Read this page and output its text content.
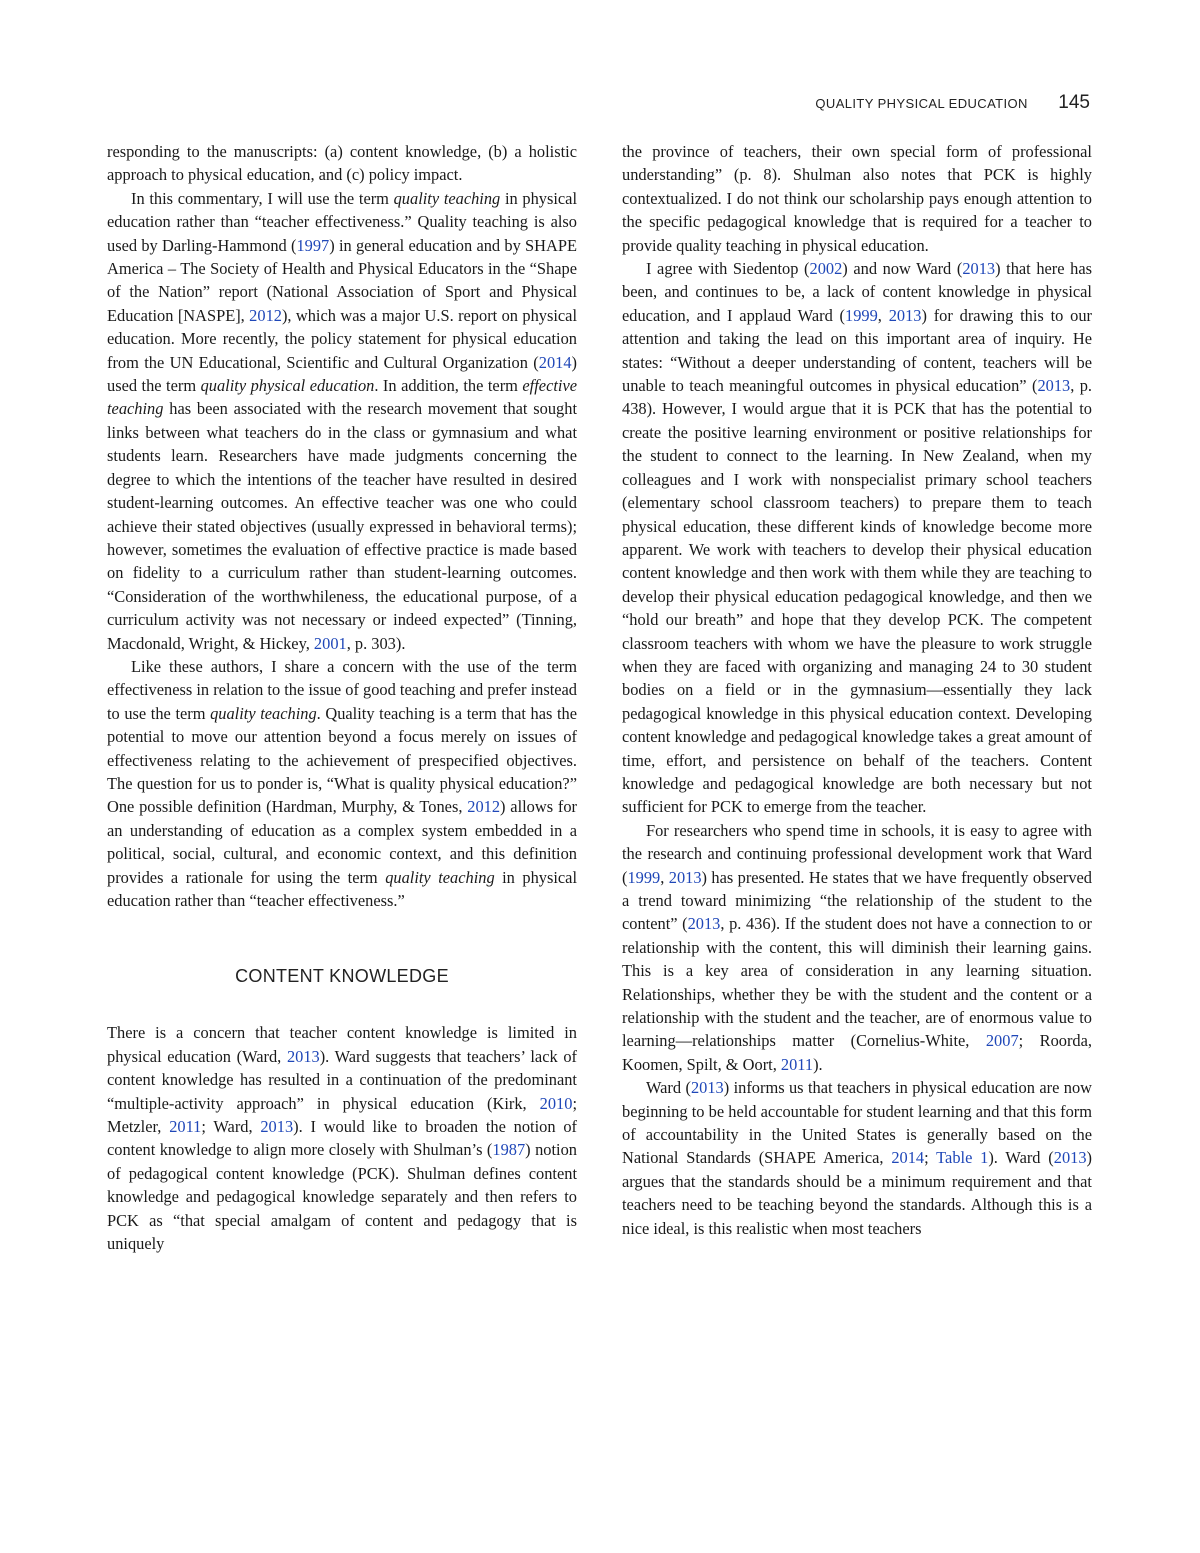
QUALITY PHYSICAL EDUCATION 145

responding to the manuscripts: (a) content knowledge, (b) a holistic approach to physical education, and (c) policy impact.

In this commentary, I will use the term quality teaching in physical education rather than “teacher effectiveness.” Quality teaching is also used by Darling-Hammond (1997) in general education and by SHAPE America – The Society of Health and Physical Educators in the “Shape of the Nation” report (National Association of Sport and Physical Education [NASPE], 2012), which was a major U.S. report on physical education. More recently, the policy statement for physical education from the UN Educational, Scientific and Cultural Organization (2014) used the term quality physical education. In addition, the term effective teaching has been associated with the research movement that sought links between what teachers do in the class or gymnasium and what students learn. Researchers have made judgments concerning the degree to which the intentions of the teacher have resulted in desired student-learning outcomes. An effective teacher was one who could achieve their stated objectives (usually expressed in behavioral terms); however, sometimes the evaluation of effective practice is made based on fidelity to a curriculum rather than student-learning outcomes. “Consideration of the worthwhileness, the educational purpose, of a curriculum activity was not necessary or indeed expected” (Tinning, Macdonald, Wright, & Hickey, 2001, p. 303).

Like these authors, I share a concern with the use of the term effectiveness in relation to the issue of good teaching and prefer instead to use the term quality teaching. Quality teaching is a term that has the potential to move our attention beyond a focus merely on issues of effectiveness relating to the achievement of prespecified objectives. The question for us to ponder is, “What is quality physical education?” One possible definition (Hardman, Murphy, & Tones, 2012) allows for an understanding of education as a complex system embedded in a political, social, cultural, and economic context, and this definition provides a rationale for using the term quality teaching in physical education rather than “teacher effectiveness.”

CONTENT KNOWLEDGE

There is a concern that teacher content knowledge is limited in physical education (Ward, 2013). Ward suggests that teachers’ lack of content knowledge has resulted in a continuation of the predominant “multiple-activity approach” in physical education (Kirk, 2010; Metzler, 2011; Ward, 2013). I would like to broaden the notion of content knowledge to align more closely with Shulman’s (1987) notion of pedagogical content knowledge (PCK). Shulman defines content knowledge and pedagogical knowledge separately and then refers to PCK as “that special amalgam of content and pedagogy that is uniquely

the province of teachers, their own special form of professional understanding” (p. 8). Shulman also notes that PCK is highly contextualized. I do not think our scholarship pays enough attention to the specific pedagogical knowledge that is required for a teacher to provide quality teaching in physical education.

I agree with Siedentop (2002) and now Ward (2013) that here has been, and continues to be, a lack of content knowledge in physical education, and I applaud Ward (1999, 2013) for drawing this to our attention and taking the lead on this important area of inquiry. He states: “Without a deeper understanding of content, teachers will be unable to teach meaningful outcomes in physical education” (2013, p. 438). However, I would argue that it is PCK that has the potential to create the positive learning environment or positive relationships for the student to connect to the learning. In New Zealand, when my colleagues and I work with nonspecialist primary school teachers (elementary school classroom teachers) to prepare them to teach physical education, these different kinds of knowledge become more apparent. We work with teachers to develop their physical education content knowledge and then work with them while they are teaching to develop their physical education pedagogical knowledge, and then we “hold our breath” and hope that they develop PCK. The competent classroom teachers with whom we have the pleasure to work struggle when they are faced with organizing and managing 24 to 30 student bodies on a field or in the gymnasium—essentially they lack pedagogical knowledge in this physical education context. Developing content knowledge and pedagogical knowledge takes a great amount of time, effort, and persistence on behalf of the teachers. Content knowledge and pedagogical knowledge are both necessary but not sufficient for PCK to emerge from the teacher.

For researchers who spend time in schools, it is easy to agree with the research and continuing professional development work that Ward (1999, 2013) has presented. He states that we have frequently observed a trend toward minimizing “the relationship of the student to the content” (2013, p. 436). If the student does not have a connection to or relationship with the content, this will diminish their learning gains. This is a key area of consideration in any learning situation. Relationships, whether they be with the student and the content or a relationship with the student and the teacher, are of enormous value to learning—relationships matter (Cornelius-White, 2007; Roorda, Koomen, Spilt, & Oort, 2011).

Ward (2013) informs us that teachers in physical education are now beginning to be held accountable for student learning and that this form of accountability in the United States is generally based on the National Standards (SHAPE America, 2014; Table 1). Ward (2013) argues that the standards should be a minimum requirement and that teachers need to be teaching beyond the standards. Although this is a nice ideal, is this realistic when most teachers
